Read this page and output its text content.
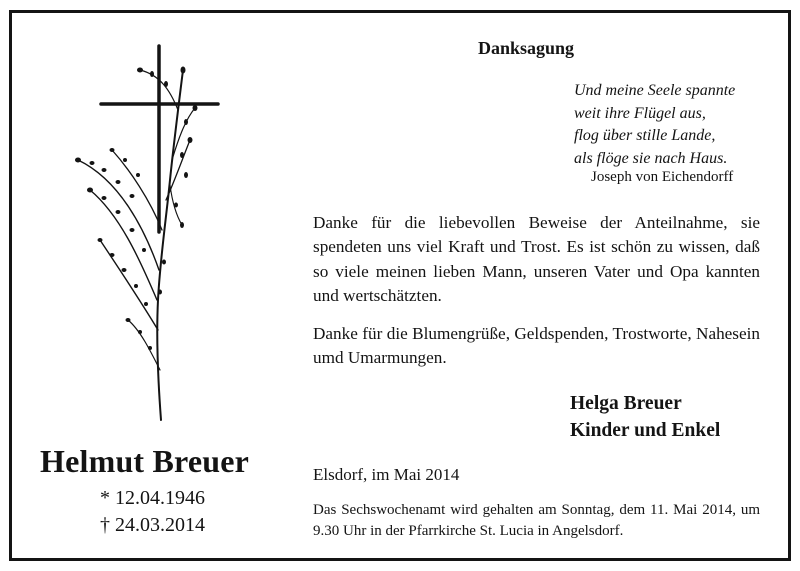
Danksagung
Und meine Seele spannte
weit ihre Flügel aus,
flog über stille Lande,
als flöge sie nach Haus.
Joseph von Eichendorff

Danke für die liebevollen Beweise der Anteilnahme, sie spendeten uns viel Kraft und Trost. Es ist schön zu wissen, daß so viele meinen lieben Mann, unseren Vater und Opa kannten und wertschätzten.

Danke für die Blumengrüße, Geldspenden, Trostworte, Nahesein umd Umarmungen.

Helga Breuer
Kinder und Enkel
Elsdorf, im Mai 2014

Das Sechswochenamt wird gehalten am Sonntag, dem 11. Mai 2014, um 9.30 Uhr in der Pfarrkirche St. Lucia in Angelsdorf.

Helmut Breuer
* 12.04.1946
† 24.03.2014
